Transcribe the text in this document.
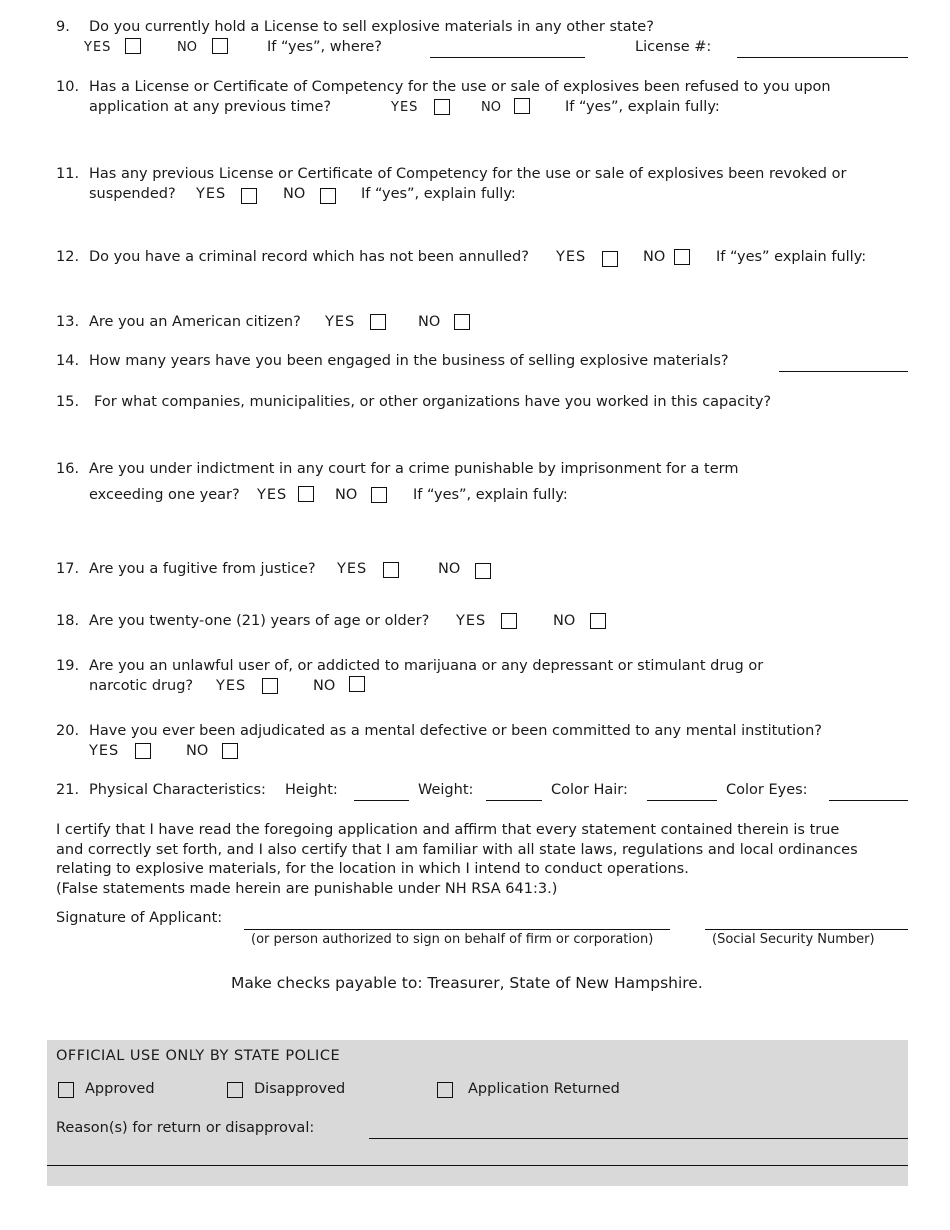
9. Do you currently hold a License to sell explosive materials in any other state?
YES	NO	If “yes”, where?	License #:
10. Has a License or Certificate of Competency for the use or sale of explosives been refused to you upon
application at any previous time?	YES	NO	If “yes”, explain fully:
11. Has any previous License or Certificate of Competency for the use or sale of explosives been revoked or
suspended? YES	NO	If “yes”, explain fully:
12. Do you have a criminal record which has not been annulled? YES	NO	If “yes” explain fully:
13. Are you an American citizen? YES	NO
14. How many years have you been engaged in the business of selling explosive materials?
15. For what companies, municipalities, or other organizations have you worked in this capacity?
16. Are you under indictment in any court for a crime punishable by imprisonment for a term
exceeding one year? YES	NO	If “yes”, explain fully:
17. Are you a fugitive from justice? YES	NO
18. Are you twenty-one (21) years of age or older? YES	NO
19. Are you an unlawful user of, or addicted to marijuana or any depressant or stimulant drug or
narcotic drug? YES	NO
20. Have you ever been adjudicated as a mental defective or been committed to any mental institution?
YES	NO
21. Physical Characteristics: Height:	Weight:	Color Hair:	Color Eyes:
I certify that I have read the foregoing application and affirm that every statement contained therein is true
and correctly set forth, and I also certify that I am familiar with all state laws, regulations and local ordinances
relating to explosive materials, for the location in which I intend to conduct operations.
(False statements made herein are punishable under NH RSA 641:3.)
Signature of Applicant:
(or person authorized to sign on behalf of firm or corporation)	(Social Security Number)
Make checks payable to: Treasurer, State of New Hampshire.
OFFICIAL USE ONLY BY STATE POLICE
Approved	Disapproved	Application Returned
Reason(s) for return or disapproval:
